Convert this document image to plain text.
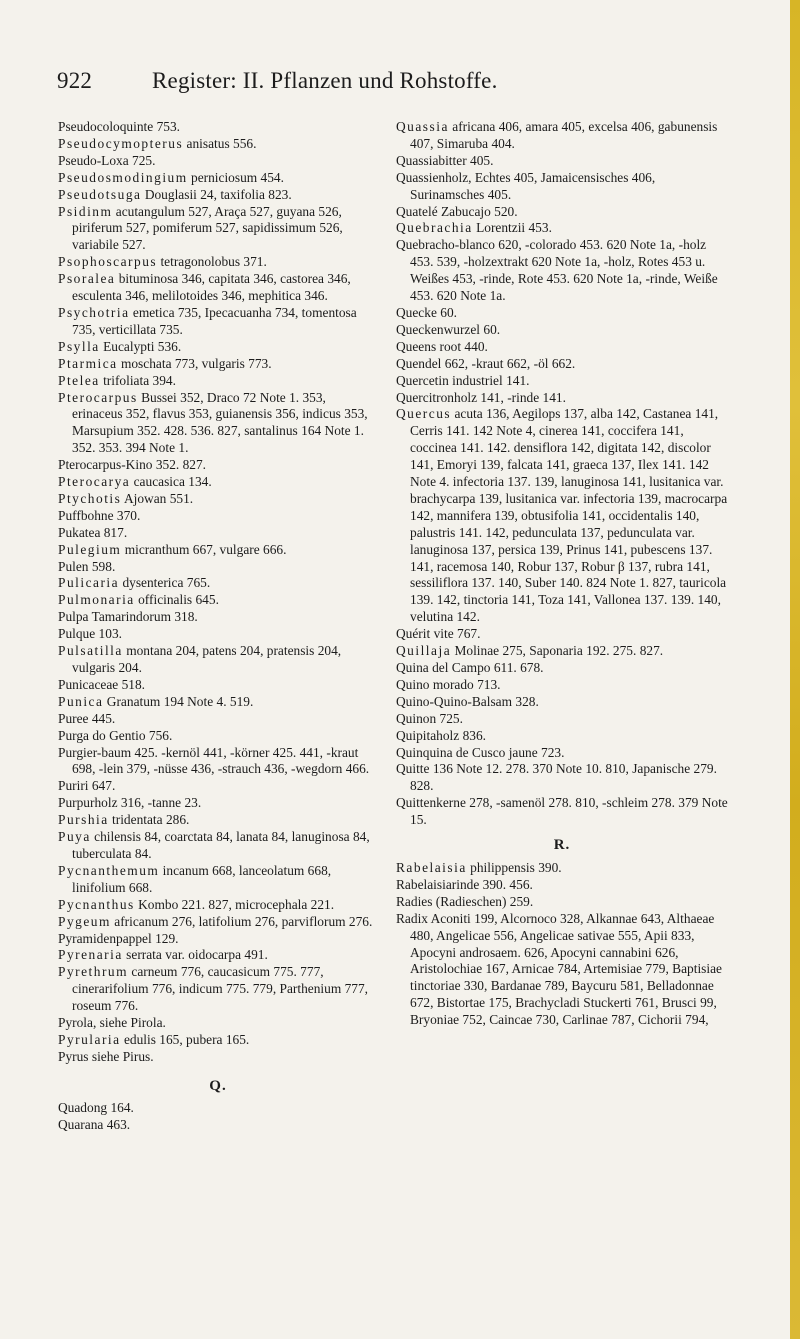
922	Register: II. Pflanzen und Rohstoffe.
Pseudocoloquinte 753.
Pseudocymopterus anisatus 556.
Pseudo-Loxa 725.
Pseudosmodingium perniciosum 454.
Pseudotsuga Douglasii 24, taxifolia 823.
Psidinm acutangulum 527, Araça 527, guyana 526, piriferum 527, pomiferum 527, sapidissimum 526, variabile 527.
Psophoscarpus tetragonolobus 371.
Psoralea bituminosa 346, capitata 346, castorea 346, esculenta 346, melilotoides 346, mephitica 346.
Psychotria emetica 735, Ipecacuanha 734, tomentosa 735, verticillata 735.
Psylla Eucalypti 536.
Ptarmica moschata 773, vulgaris 773.
Ptelea trifoliata 394.
Pterocarpus Bussei 352, Draco 72 Note 1. 353, erinaceus 352, flavus 353, guianensis 356, indicus 353, Marsupium 352. 428. 536. 827, santalinus 164 Note 1. 352. 353. 394 Note 1.
Pterocarpus-Kino 352. 827.
Pterocarya caucasica 134.
Ptychotis Ajowan 551.
Puffbohne 370.
Pukatea 817.
Pulegium micranthum 667, vulgare 666.
Pulen 598.
Pulicaria dysenterica 765.
Pulmonaria officinalis 645.
Pulpa Tamarindorum 318.
Pulque 103.
Pulsatilla montana 204, patens 204, pratensis 204, vulgaris 204.
Punicaceae 518.
Punica Granatum 194 Note 4. 519.
Puree 445.
Purga do Gentio 756.
Purgier-baum 425. -kernöl 441, -körner 425. 441, -kraut 698, -lein 379, -nüsse 436, -strauch 436, -wegdorn 466.
Puriri 647.
Purpurholz 316, -tanne 23.
Purshia tridentata 286.
Puya chilensis 84, coarctata 84, lanata 84, lanuginosa 84, tuberculata 84.
Pycnanthemum incanum 668, lanceolatum 668, linifolium 668.
Pycnanthus Kombo 221. 827, microcephala 221.
Pygeum africanum 276, latifolium 276, parviflorum 276.
Pyramidenpappel 129.
Pyrenaria serrata var. oidocarpa 491.
Pyrethrum carneum 776, caucasicum 775. 777, cinerarifolium 776, indicum 775. 779, Parthenium 777, roseum 776.
Pyrola, siehe Pirola.
Pyrularia edulis 165, pubera 165.
Pyrus siehe Pirus.
Q.
Quadong 164.
Quarana 463.
Quassia africana 406, amara 405, excelsa 406, gabunensis 407, Simaruba 404.
Quassiabitter 405.
Quassienholz, Echtes 405, Jamaicensisches 406, Surinamsches 405.
Quatelé Zabucajo 520.
Quebrachia Lorentzii 453.
Quebracho-blanco 620, -colorado 453. 620 Note 1a, -holz 453. 539, -holzextrakt 620 Note 1a, -holz, Rotes 453 u. Weißes 453, -rinde, Rote 453. 620 Note 1a, -rinde, Weiße 453. 620 Note 1a.
Quecke 60.
Queckenwurzel 60.
Queens root 440.
Quendel 662, -kraut 662, -öl 662.
Quercetin industriel 141.
Quercitronholz 141, -rinde 141.
Quercus acuta 136, Aegilops 137, alba 142, Castanea 141, Cerris 141. 142 Note 4, cinerea 141, coccifera 141, coccinea 141. 142. densiflora 142, digitata 142, discolor 141, Emoryi 139, falcata 141, graeca 137, Ilex 141. 142 Note 4. infectoria 137. 139, lanuginosa 141, lusitanica var. brachycarpa 139, lusitanica var. infectoria 139, macrocarpa 142, mannifera 139, obtusifolia 141, occidentalis 140, palustris 141. 142, pedunculata 137, pedunculata var. lanuginosa 137, persica 139, Prinus 141, pubescens 137. 141, racemosa 140, Robur 137, Robur β 137, rubra 141, sessiliflora 137. 140, Suber 140. 824 Note 1. 827, tauricola 139. 142, tinctoria 141, Toza 141, Vallonea 137. 139. 140, velutina 142.
Quérit vite 767.
Quillaja Molinae 275, Saponaria 192. 275. 827.
Quina del Campo 611. 678.
Quino morado 713.
Quino-Quino-Balsam 328.
Quinon 725.
Quipitaholz 836.
Quinquina de Cusco jaune 723.
Quitte 136 Note 12. 278. 370 Note 10. 810, Japanische 279. 828.
Quittenkerne 278, -samenöl 278. 810, -schleim 278. 379 Note 15.
R.
Rabelaisia philippensis 390.
Rabelaisiarinde 390. 456.
Radies (Radieschen) 259.
Radix Aconiti 199, Alcornoco 328, Alkannae 643, Althaeae 480, Angelicae 556, Angelicae sativae 555, Apii 833, Apocyni androsaem. 626, Apocyni cannabini 626, Aristolochiae 167, Arnicae 784, Artemisiae 779, Baptisiae tinctoriae 330, Bardanae 789, Baycuru 581, Belladonnae 672, Bistortae 175, Brachycladi Stuckerti 761, Brusci 99, Bryoniae 752, Caincae 730, Carlinae 787, Cichorii 794,
